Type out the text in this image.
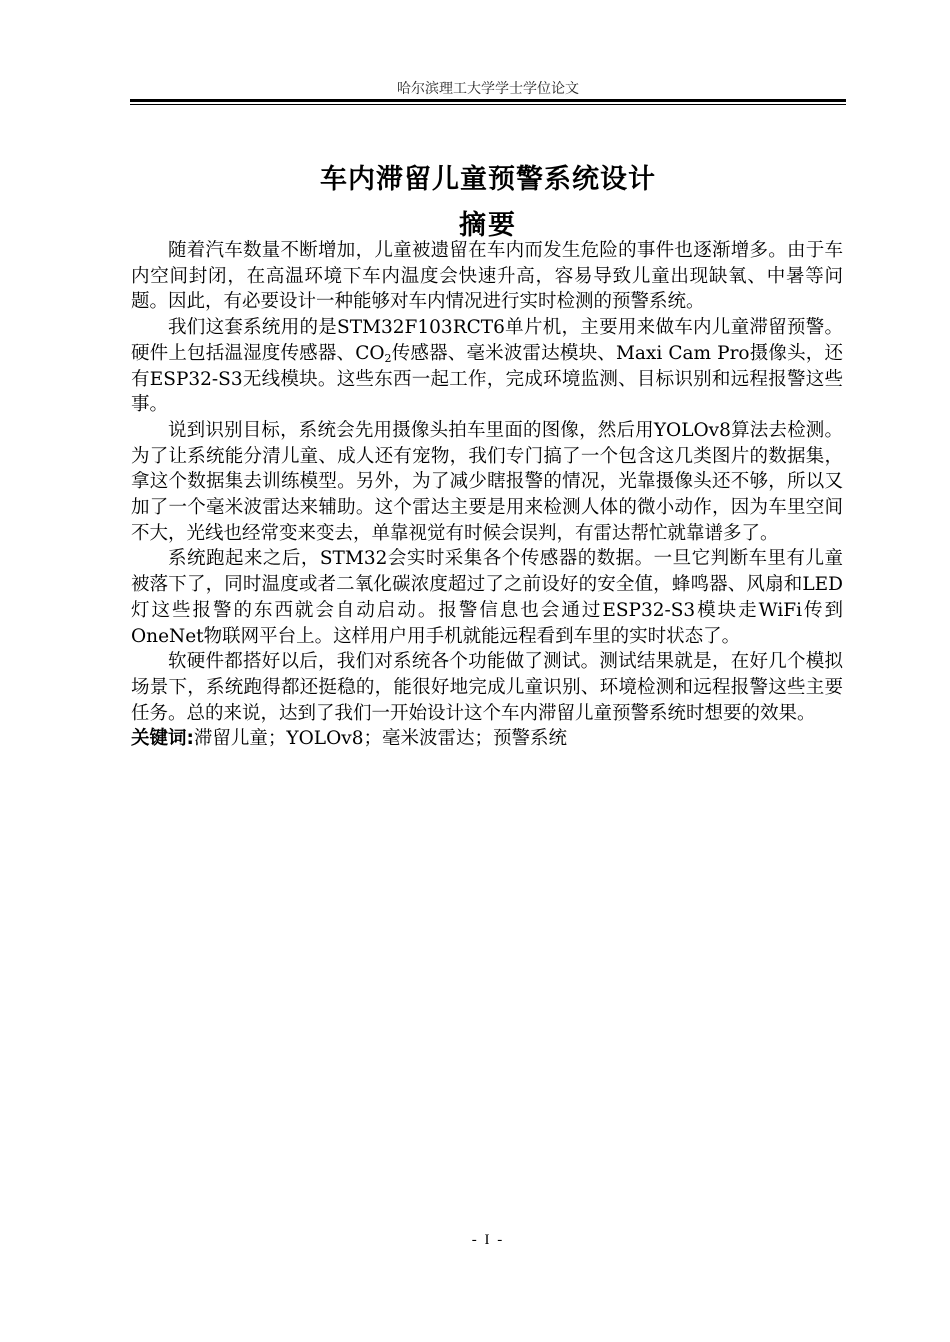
哈尔滨理工大学学士学位论文
车内滞留儿童预警系统设计
摘要

随着汽车数量不断增加，儿童被遗留在车内而发生危险的事件也逐渐增多。由于车内空间封闭，在高温环境下车内温度会快速升高，容易导致儿童出现缺氧、中暑等问题。因此，有必要设计一种能够对车内情况进行实时检测的预警系统。

我们这套系统用的是STM32F103RCT6单片机，主要用来做车内儿童滞留预警。硬件上包括温湿度传感器、$CO_2$传感器、毫米波雷达模块、Maxi Cam Pro摄像头，还有ESP32-S3无线模块。这些东西一起工作，完成环境监测、目标识别和远程报警这些事。

说到识别目标，系统会先用摄像头拍车里面的图像，然后用YOLOv8算法去检测。为了让系统能分清儿童、成人还有宠物，我们专门搞了一个包含这几类图片的数据集，拿这个数据集去训练模型。另外，为了减少瞎报警的情况，光靠摄像头还不够，所以又加了一个毫米波雷达来辅助。这个雷达主要是用来检测人体的微小动作，因为车里空间不大，光线也经常变来变去，单靠视觉有时候会误判，有雷达帮忙就靠谱多了。

系统跑起来之后，STM32会实时采集各个传感器的数据。一旦它判断车里有儿童被落下了，同时温度或者二氧化碳浓度超过了之前设好的安全值，蜂鸣器、风扇和LED灯这些报警的东西就会自动启动。报警信息也会通过ESP32-S3模块走WiFi传到OneNet物联网平台上。这样用户用手机就能远程看到车里的实时状态了。

软硬件都搭好以后，我们对系统各个功能做了测试。测试结果就是，在好几个模拟场景下，系统跑得都还挺稳的，能很好地完成儿童识别、环境检测和远程报警这些主要任务。总的来说，达到了我们一开始设计这个车内滞留儿童预警系统时想要的效果。

关键词:滞留儿童；YOLOv8；毫米波雷达；预警系统

- I -
